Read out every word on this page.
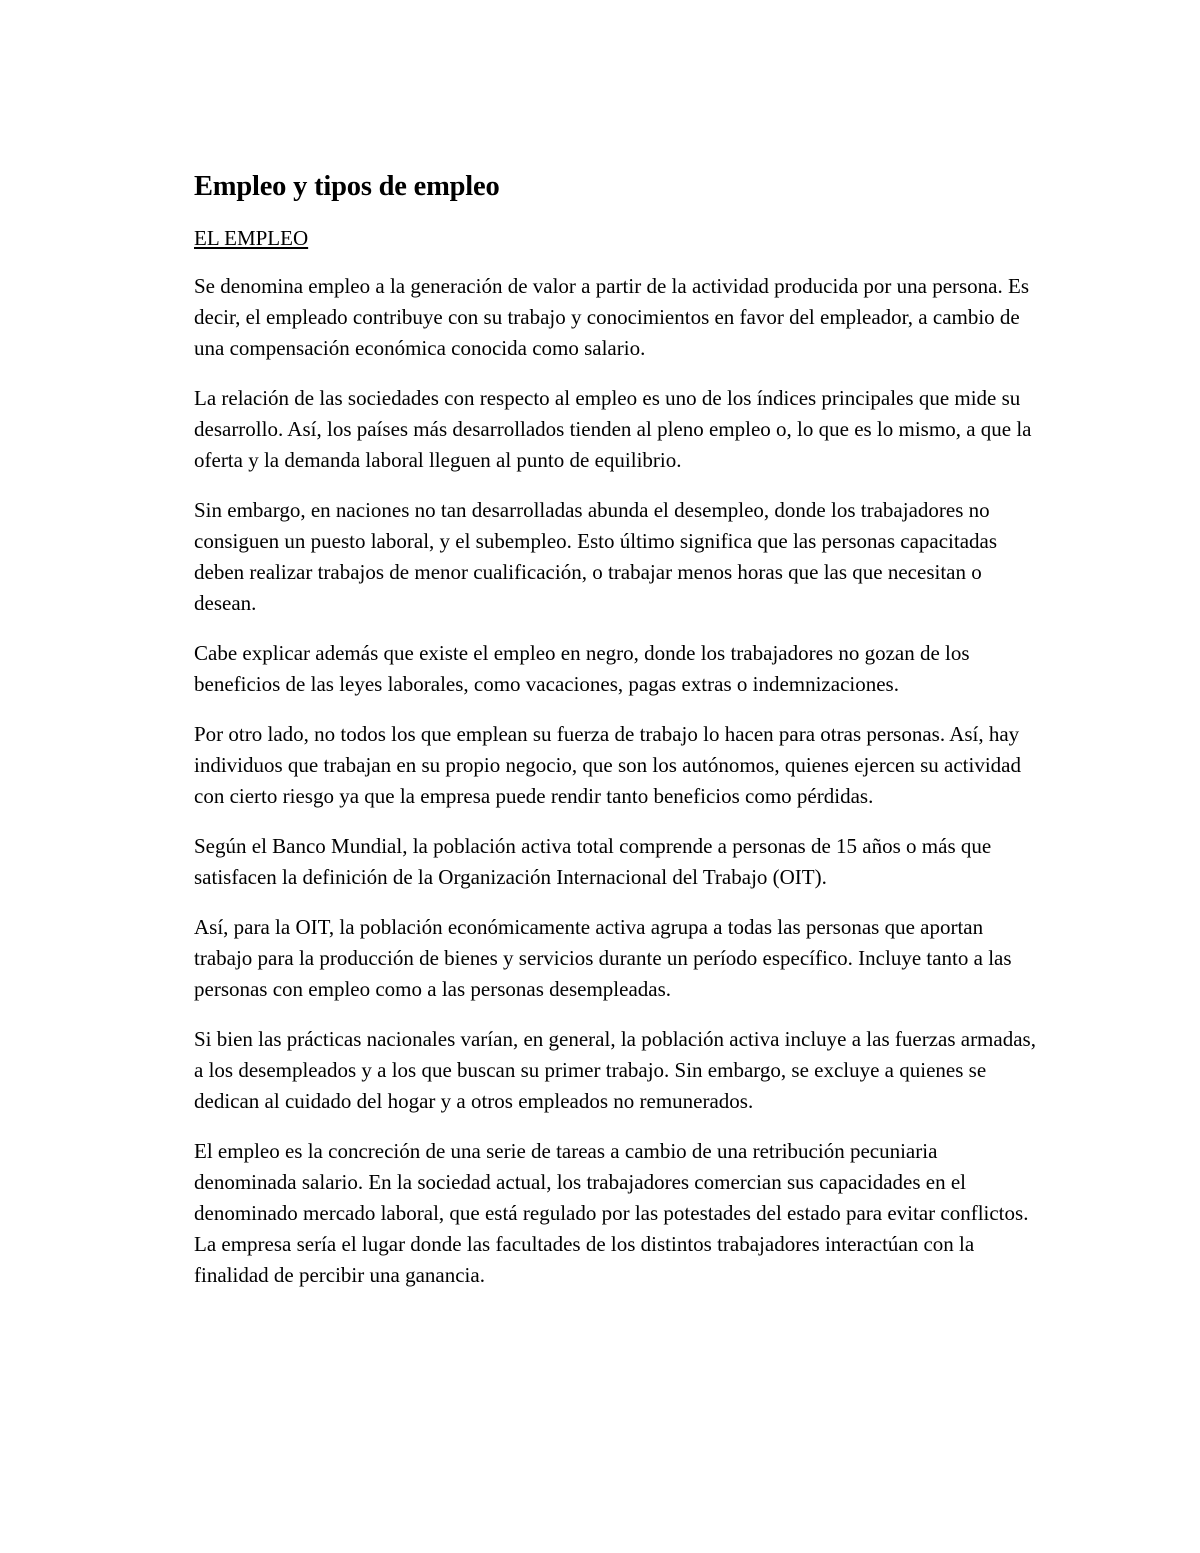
Empleo y tipos de empleo
EL EMPLEO

Se denomina empleo a la generación de valor a partir de la actividad producida por una persona. Es decir, el empleado contribuye con su trabajo y conocimientos en favor del empleador, a cambio de una compensación económica conocida como salario.

La relación de las sociedades con respecto al empleo es uno de los índices principales que mide su desarrollo. Así, los países más desarrollados tienden al pleno empleo o, lo que es lo mismo, a que la oferta y la demanda laboral lleguen al punto de equilibrio.

Sin embargo, en naciones no tan desarrolladas abunda el desempleo, donde los trabajadores no consiguen un puesto laboral, y el subempleo. Esto último significa que las personas capacitadas deben realizar trabajos de menor cualificación, o trabajar menos horas que las que necesitan o desean.

Cabe explicar además que existe el empleo en negro, donde los trabajadores no gozan de los beneficios de las leyes laborales, como vacaciones, pagas extras o indemnizaciones.

Por otro lado, no todos los que emplean su fuerza de trabajo lo hacen para otras personas. Así, hay individuos que trabajan en su propio negocio, que son los autónomos, quienes ejercen su actividad con cierto riesgo ya que la empresa puede rendir tanto beneficios como pérdidas.

Según el Banco Mundial, la población activa total comprende a personas de 15 años o más que satisfacen la definición de la Organización Internacional del Trabajo (OIT).

Así, para la OIT, la población económicamente activa agrupa a todas las personas que aportan trabajo para la producción de bienes y servicios durante un período específico. Incluye tanto a las personas con empleo como a las personas desempleadas.

Si bien las prácticas nacionales varían, en general, la población activa incluye a las fuerzas armadas, a los desempleados y a los que buscan su primer trabajo. Sin embargo, se excluye a quienes se dedican al cuidado del hogar y a otros empleados no remunerados.

El empleo es la concreción de una serie de tareas a cambio de una retribución pecuniaria denominada salario. En la sociedad actual, los trabajadores comercian sus capacidades en el denominado mercado laboral, que está regulado por las potestades del estado para evitar conflictos. La empresa sería el lugar donde las facultades de los distintos trabajadores interactúan con la finalidad de percibir una ganancia.
